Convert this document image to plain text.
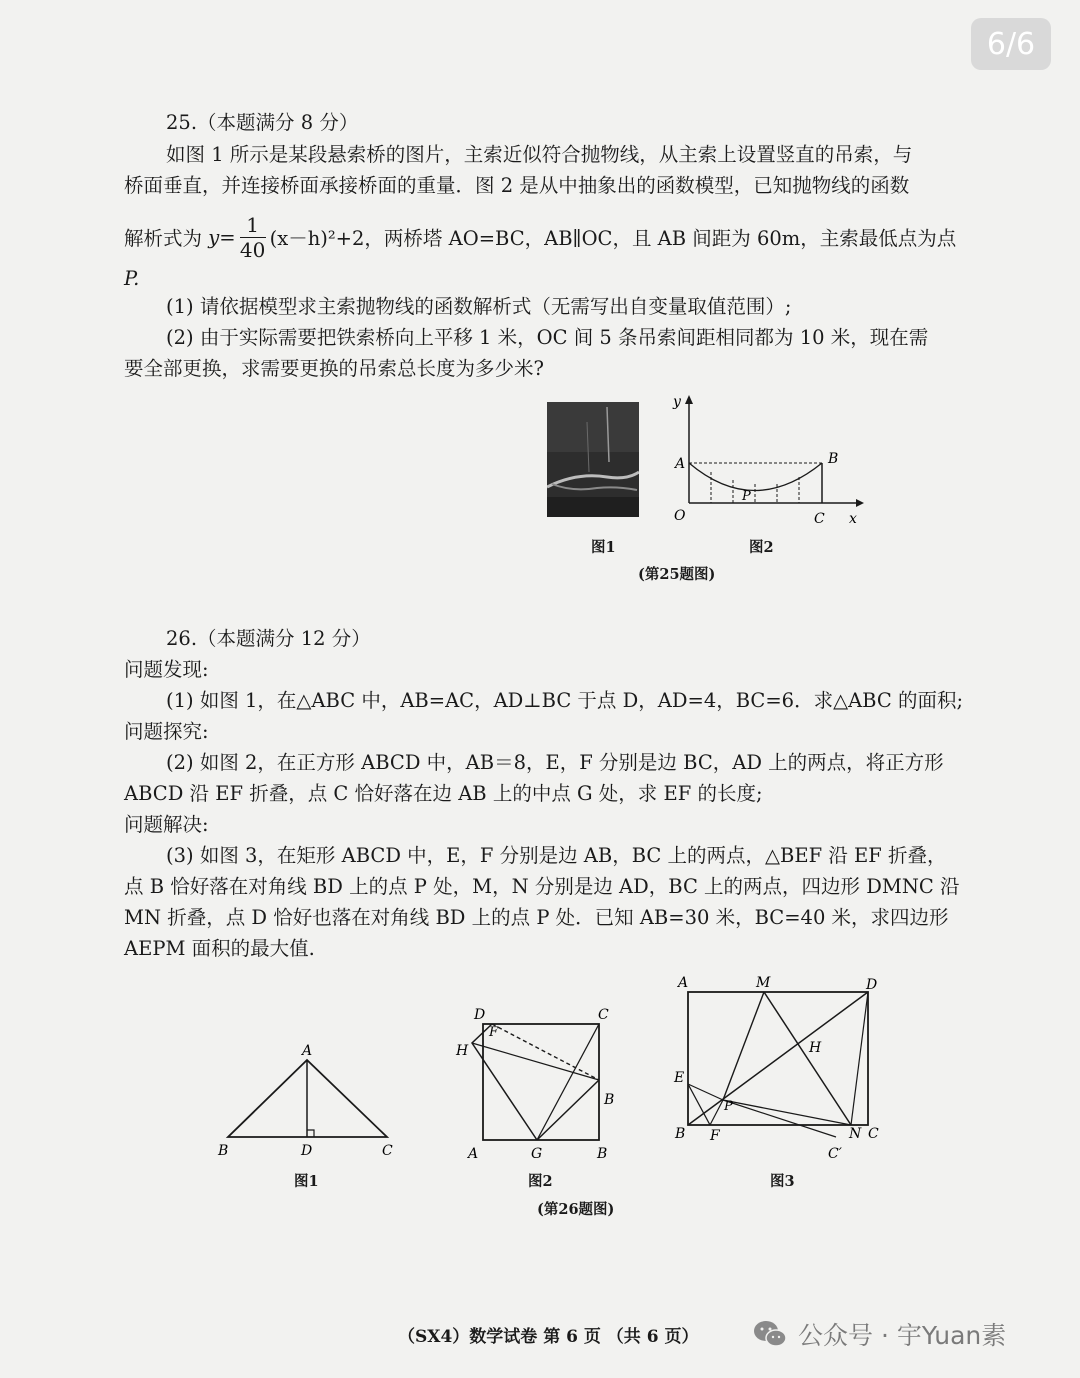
6/6
25.（本题满分 8 分）
如图 1 所示是某段悬索桥的图片，主索近似符合抛物线，从主索上设置竖直的吊索，与
桥面垂直，并连接桥面承接桥面的重量．图 2 是从中抽象出的函数模型，已知抛物线的函数
解析式为
$y = \frac{1}{40} (x-h)^2+2$，两桥塔 AO=BC，AB∥OC，且 AB 间距为 60m，主索最低点为点
P.
(1) 请依据模型求主索抛物线的函数解析式（无需写出自变量取值范围）;
(2) 由于实际需要把铁索桥向上平移 1 米，OC 间 5 条吊索间距相同都为 10 米，现在需
要全部更换，求需要更换的吊索总长度为多少米?
y
A	B
O	C x
P
图1	图2
(第25题图)
26.（本题满分 12 分）
问题发现:
(1) 如图 1，在△ABC 中，AB=AC，AD⊥BC 于点 D，AD=4，BC=6．求△ABC 的面积;
问题探究:
(2) 如图 2，在正方形 ABCD 中，AB＝8，E，F 分别是边 BC，AD 上的两点，将正方形
ABCD 沿 EF 折叠，点 C 恰好落在边 AB 上的中点 G 处，求 EF 的长度;
问题解决:
(3) 如图 3，在矩形 ABCD 中，E，F 分别是边 AB，BC 上的两点，△BEF 沿 EF 折叠，
点 B 恰好落在对角线 BD 上的点 P 处，M，N 分别是边 AD，BC 上的两点，四边形 DMNC 沿
MN 折叠，点 D 恰好也落在对角线 BD 上的点 P 处．已知 AB=30 米，BC=40 米，求四边形
AEPM 面积的最大值.
A
B	D	C
D
F
C
H
B
A	G	B
A	M	D
H
E
P
B F	N C
C′
图1	图2	图3
(第26题图)
（SX4）数学试卷 第 6 页 （共 6 页）	公众号 · 宇Yuan素
